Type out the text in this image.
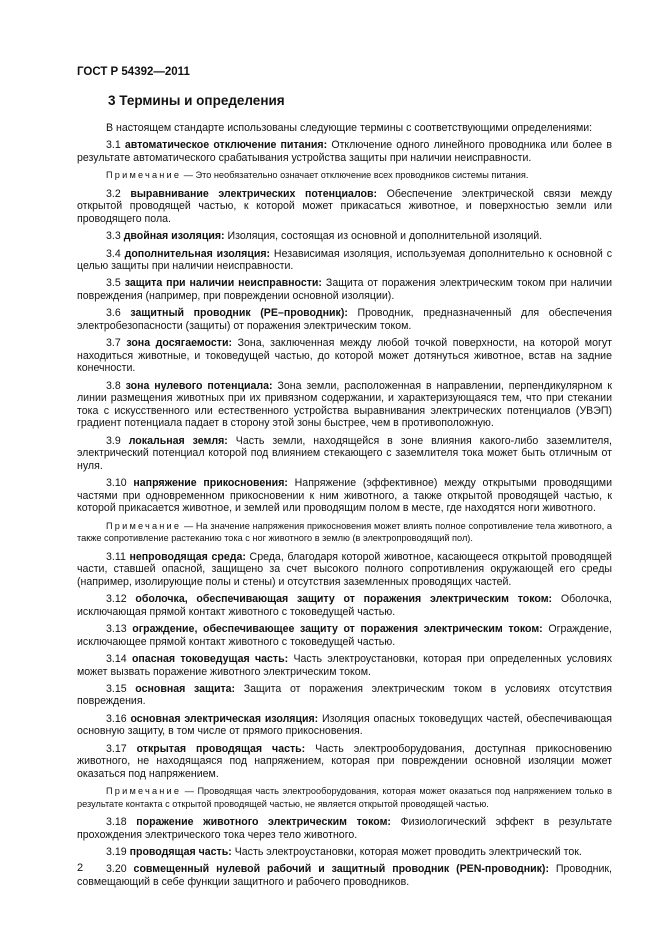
ГОСТ Р 54392—2011

3 Термины и определения

В настоящем стандарте использованы следующие термины с соответствующими определениями:

3.1 автоматическое отключение питания: Отключение одного линейного проводника или более в результате автоматического срабатывания устройства защиты при наличии неисправности.

Примечание — Это необязательно означает отключение всех проводников системы питания.

3.2 выравнивание электрических потенциалов: Обеспечение электрической связи между открытой проводящей частью, к которой может прикасаться животное, и поверхностью земли или проводящего пола.

3.3 двойная изоляция: Изоляция, состоящая из основной и дополнительной изоляций.

3.4 дополнительная изоляция: Независимая изоляция, используемая дополнительно к основной с целью защиты при наличии неисправности.

3.5 защита при наличии неисправности: Защита от поражения электрическим током при наличии повреждения (например, при повреждении основной изоляции).

3.6 защитный проводник (PE–проводник): Проводник, предназначенный для обеспечения электробезопасности (защиты) от поражения электрическим током.

3.7 зона досягаемости: Зона, заключенная между любой точкой поверхности, на которой могут находиться животные, и токоведущей частью, до которой может дотянуться животное, встав на задние конечности.

3.8 зона нулевого потенциала: Зона земли, расположенная в направлении, перпендикулярном к линии размещения животных при их привязном содержании, и характеризующаяся тем, что при стекании тока с искусственного или естественного устройства выравнивания электрических потенциалов (УВЭП) градиент потенциала падает в сторону этой зоны быстрее, чем в противоположную.

3.9 локальная земля: Часть земли, находящейся в зоне влияния какого-либо заземлителя, электрический потенциал которой под влиянием стекающего с заземлителя тока может быть отличным от нуля.

3.10 напряжение прикосновения: Напряжение (эффективное) между открытыми проводящими частями при одновременном прикосновении к ним животного, а также открытой проводящей частью, к которой прикасается животное, и землей или проводящим полом в месте, где находятся ноги животного.

Примечание — На значение напряжения прикосновения может влиять полное сопротивление тела животного, а также сопротивление растеканию тока с ног животного в землю (в электропроводящий пол).

3.11 непроводящая среда: Среда, благодаря которой животное, касающееся открытой проводящей части, ставшей опасной, защищено за счет высокого полного сопротивления окружающей его среды (например, изолирующие полы и стены) и отсутствия заземленных проводящих частей.

3.12 оболочка, обеспечивающая защиту от поражения электрическим током: Оболочка, исключающая прямой контакт животного с токоведущей частью.

3.13 ограждение, обеспечивающее защиту от поражения электрическим током: Ограждение, исключающее прямой контакт животного с токоведущей частью.

3.14 опасная токоведущая часть: Часть электроустановки, которая при определенных условиях может вызвать поражение животного электрическим током.

3.15 основная защита: Защита от поражения электрическим током в условиях отсутствия повреждения.

3.16 основная электрическая изоляция: Изоляция опасных токоведущих частей, обеспечивающая основную защиту, в том числе от прямого прикосновения.

3.17 открытая проводящая часть: Часть электрооборудования, доступная прикосновению животного, не находящаяся под напряжением, которая при повреждении основной изоляции может оказаться под напряжением.

Примечание — Проводящая часть электрооборудования, которая может оказаться под напряжением только в результате контакта с открытой проводящей частью, не является открытой проводящей частью.

3.18 поражение животного электрическим током: Физиологический эффект в результате прохождения электрического тока через тело животного.

3.19 проводящая часть: Часть электроустановки, которая может проводить электрический ток.

3.20 совмещенный нулевой рабочий и защитный проводник (PEN-проводник): Проводник, совмещающий в себе функции защитного и рабочего проводников.

2
